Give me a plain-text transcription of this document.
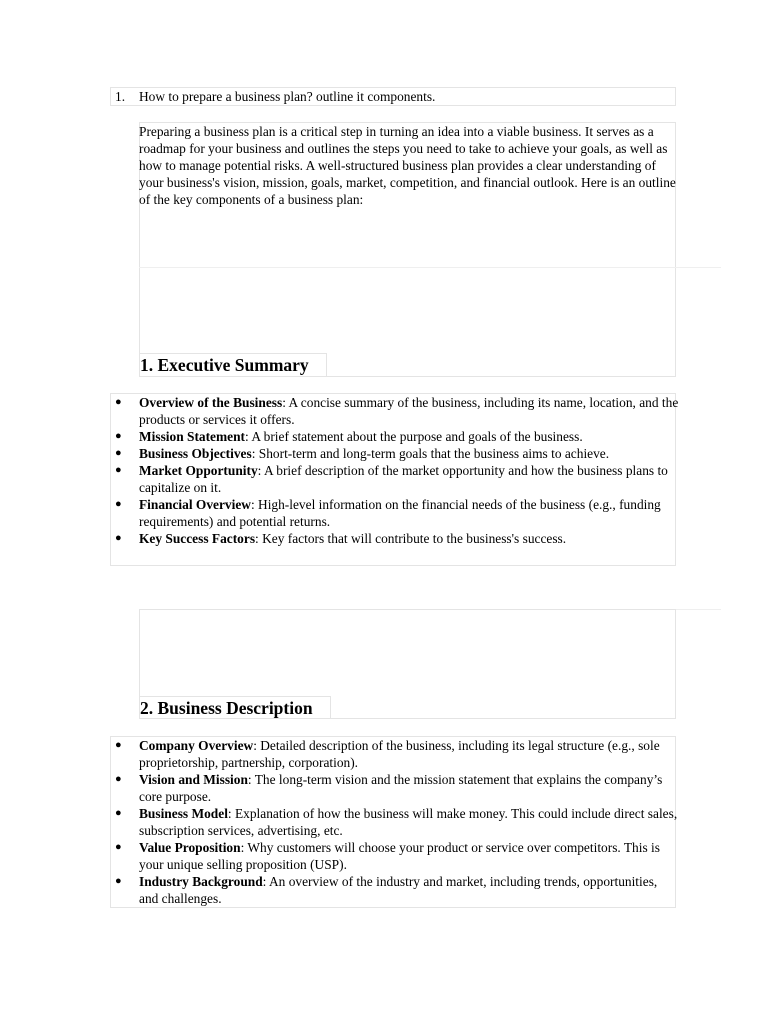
1. How to prepare a business plan? outline it components.
Preparing a business plan is a critical step in turning an idea into a viable business. It serves as a roadmap for your business and outlines the steps you need to take to achieve your goals, as well as how to manage potential risks. A well-structured business plan provides a clear understanding of your business's vision, mission, goals, market, competition, and financial outlook. Here is an outline of the key components of a business plan:
1. Executive Summary
● Overview of the Business: A concise summary of the business, including its name, location, and the products or services it offers.
● Mission Statement: A brief statement about the purpose and goals of the business.
● Business Objectives: Short-term and long-term goals that the business aims to achieve.
● Market Opportunity: A brief description of the market opportunity and how the business plans to capitalize on it.
● Financial Overview: High-level information on the financial needs of the business (e.g., funding requirements) and potential returns.
● Key Success Factors: Key factors that will contribute to the business's success.
2. Business Description
● Company Overview: Detailed description of the business, including its legal structure (e.g., sole proprietorship, partnership, corporation).
● Vision and Mission: The long-term vision and the mission statement that explains the company’s core purpose.
● Business Model: Explanation of how the business will make money. This could include direct sales, subscription services, advertising, etc.
● Value Proposition: Why customers will choose your product or service over competitors. This is your unique selling proposition (USP).
● Industry Background: An overview of the industry and market, including trends, opportunities, and challenges.
